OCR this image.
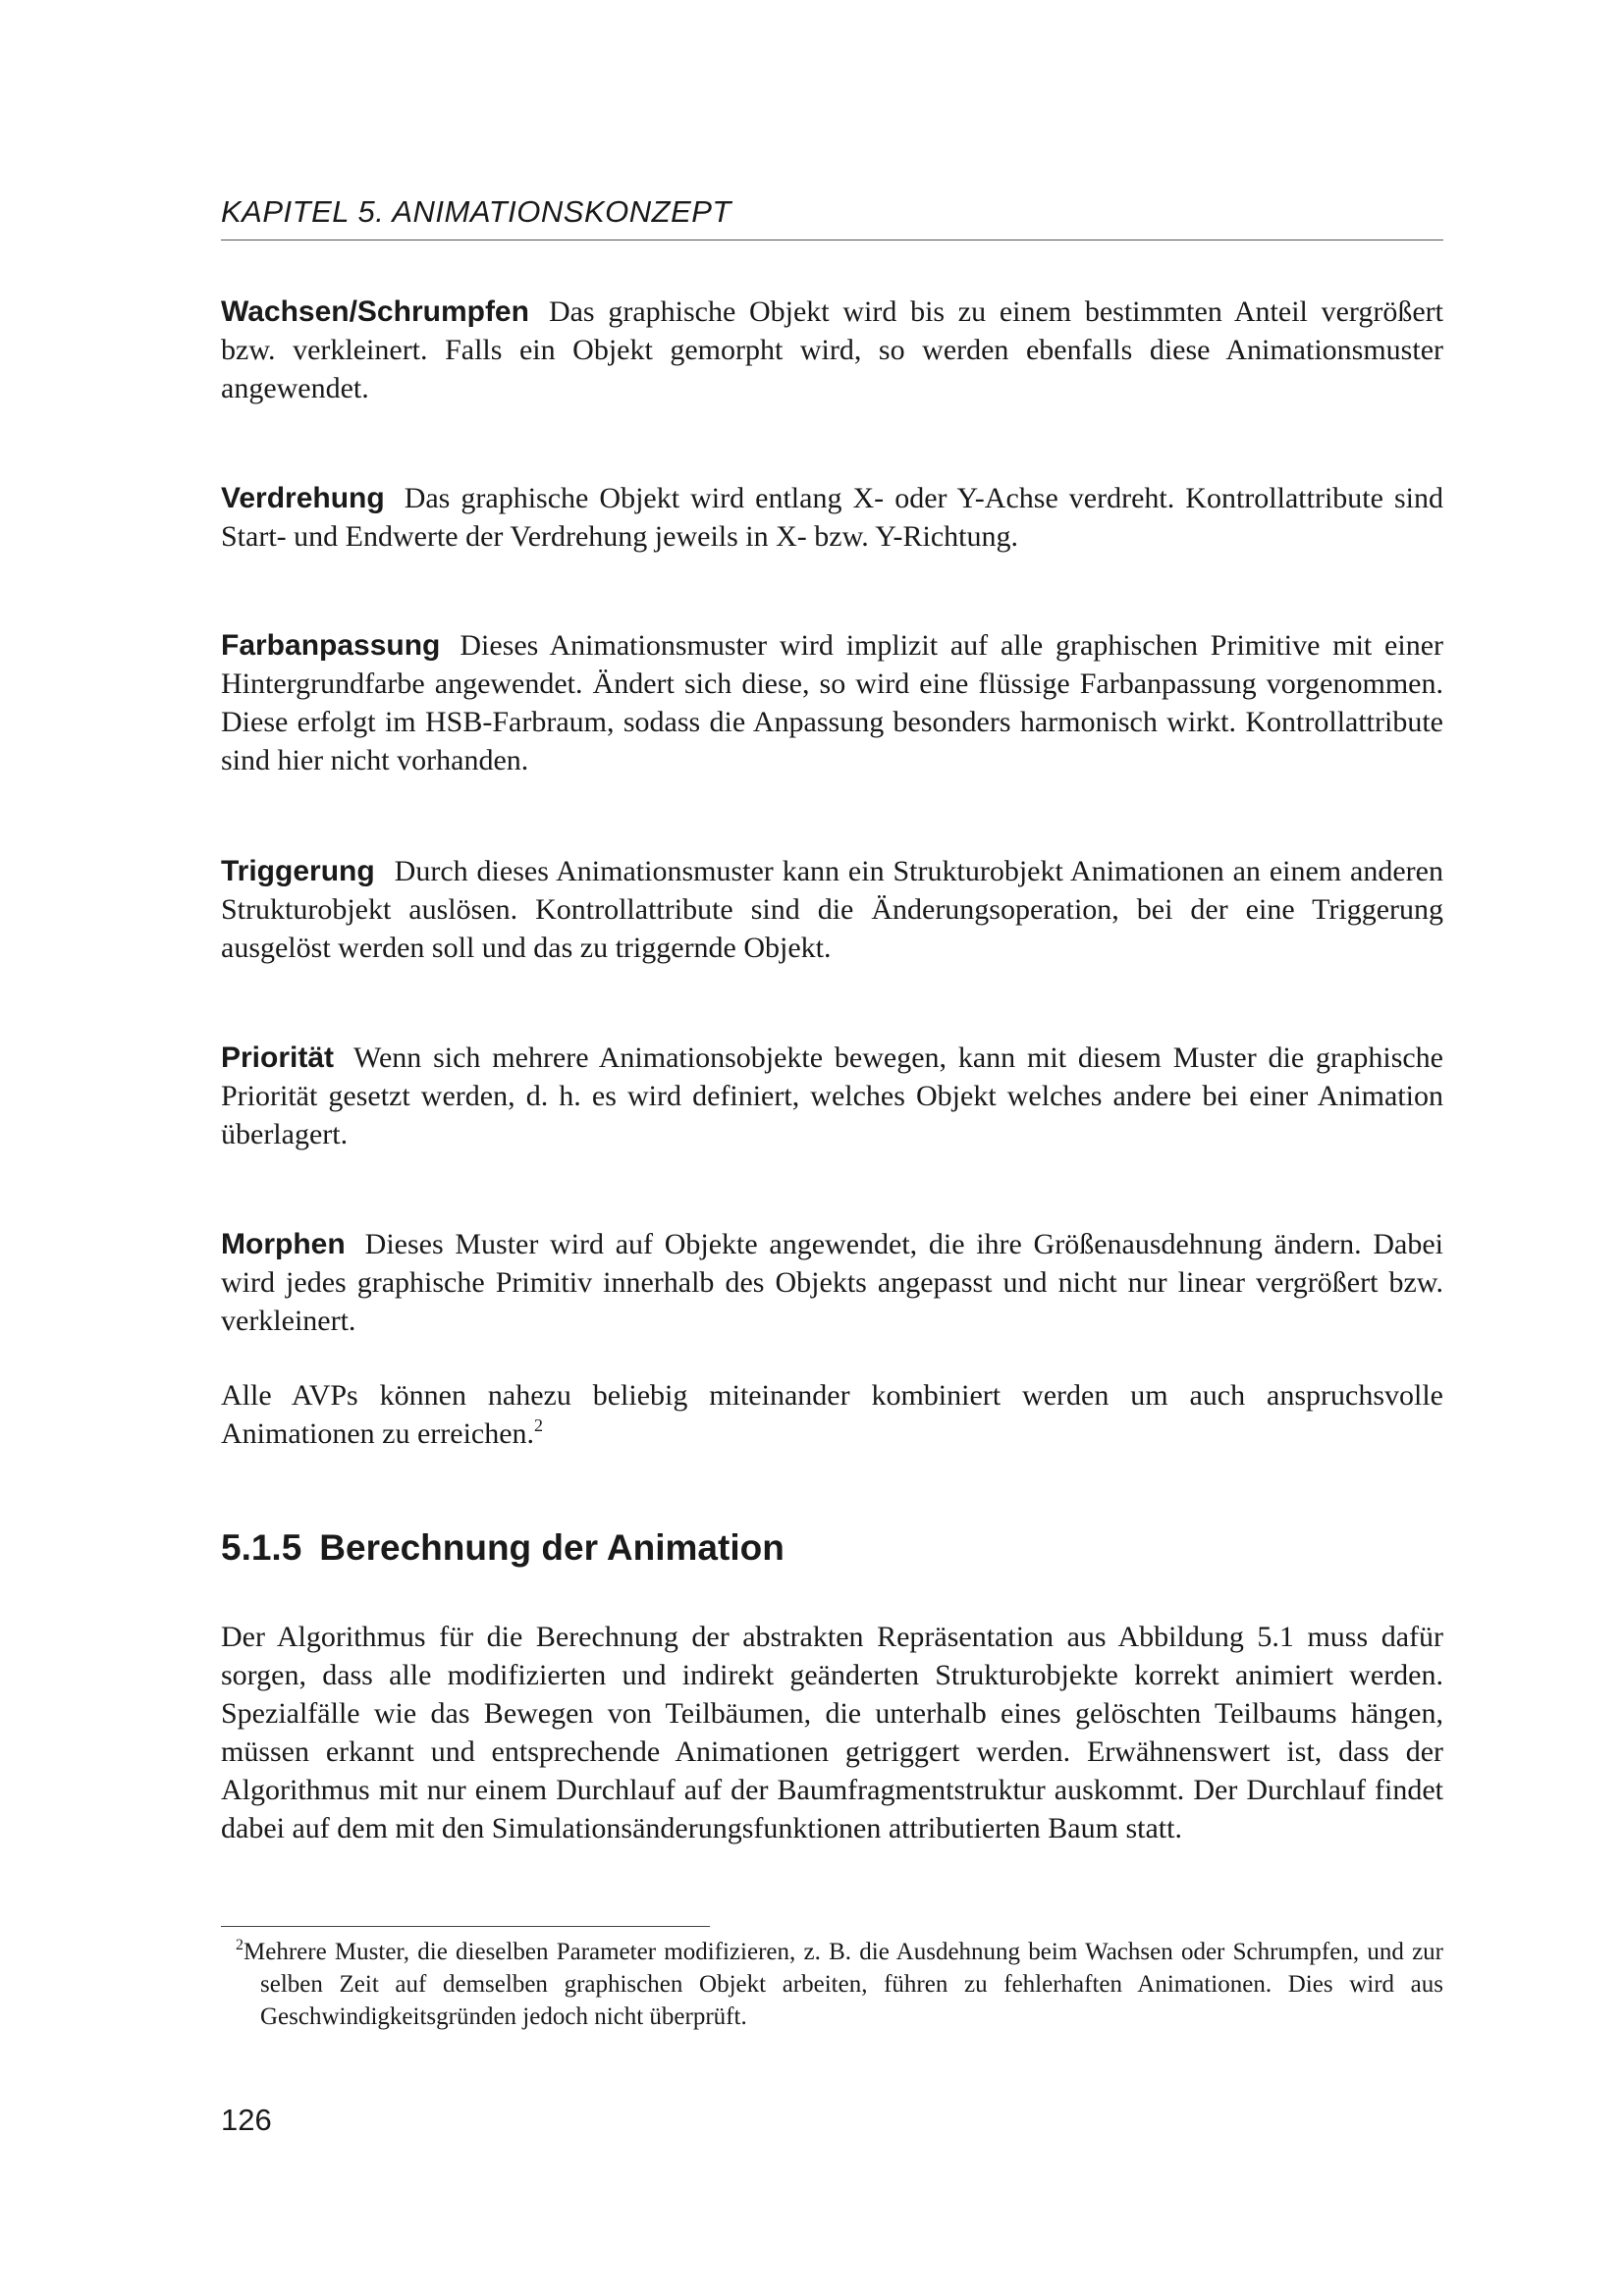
KAPITEL 5. ANIMATIONSKONZEPT

Wachsen/Schrumpfen Das graphische Objekt wird bis zu einem bestimmten Anteil vergrößert bzw. verkleinert. Falls ein Objekt gemorpht wird, so werden ebenfalls diese Animationsmuster angewendet.

Verdrehung Das graphische Objekt wird entlang X- oder Y-Achse verdreht. Kontrollattribute sind Start- und Endwerte der Verdrehung jeweils in X- bzw. Y-Richtung.

Farbanpassung Dieses Animationsmuster wird implizit auf alle graphischen Primitive mit einer Hintergrundfarbe angewendet. Ändert sich diese, so wird eine flüssige Farbanpassung vorgenommen. Diese erfolgt im HSB-Farbraum, sodass die Anpassung besonders harmonisch wirkt. Kontrollattribute sind hier nicht vorhanden.

Triggerung Durch dieses Animationsmuster kann ein Strukturobjekt Animationen an einem anderen Strukturobjekt auslösen. Kontrollattribute sind die Änderungsoperation, bei der eine Triggerung ausgelöst werden soll und das zu triggernde Objekt.

Priorität Wenn sich mehrere Animationsobjekte bewegen, kann mit diesem Muster die graphische Priorität gesetzt werden, d. h. es wird definiert, welches Objekt welches andere bei einer Animation überlagert.

Morphen Dieses Muster wird auf Objekte angewendet, die ihre Größenausdehnung ändern. Dabei wird jedes graphische Primitiv innerhalb des Objekts angepasst und nicht nur linear vergrößert bzw. verkleinert.

Alle AVPs können nahezu beliebig miteinander kombiniert werden um auch anspruchsvolle Animationen zu erreichen.$^2$

5.1.5 Berechnung der Animation

Der Algorithmus für die Berechnung der abstrakten Repräsentation aus Abbildung 5.1 muss dafür sorgen, dass alle modifizierten und indirekt geänderten Strukturobjekte korrekt animiert werden. Spezialfälle wie das Bewegen von Teilbäumen, die unterhalb eines gelöschten Teilbaums hängen, müssen erkannt und entsprechende Animationen getriggert werden. Erwähnenswert ist, dass der Algorithmus mit nur einem Durchlauf auf der Baumfragmentstruktur auskommt. Der Durchlauf findet dabei auf dem mit den Simulationsänderungsfunktionen attributierten Baum statt.

$^2$Mehrere Muster, die dieselben Parameter modifizieren, z. B. die Ausdehnung beim Wachsen oder Schrumpfen, und zur selben Zeit auf demselben graphischen Objekt arbeiten, führen zu fehlerhaften Animationen. Dies wird aus Geschwindigkeitsgründen jedoch nicht überprüft.

126
